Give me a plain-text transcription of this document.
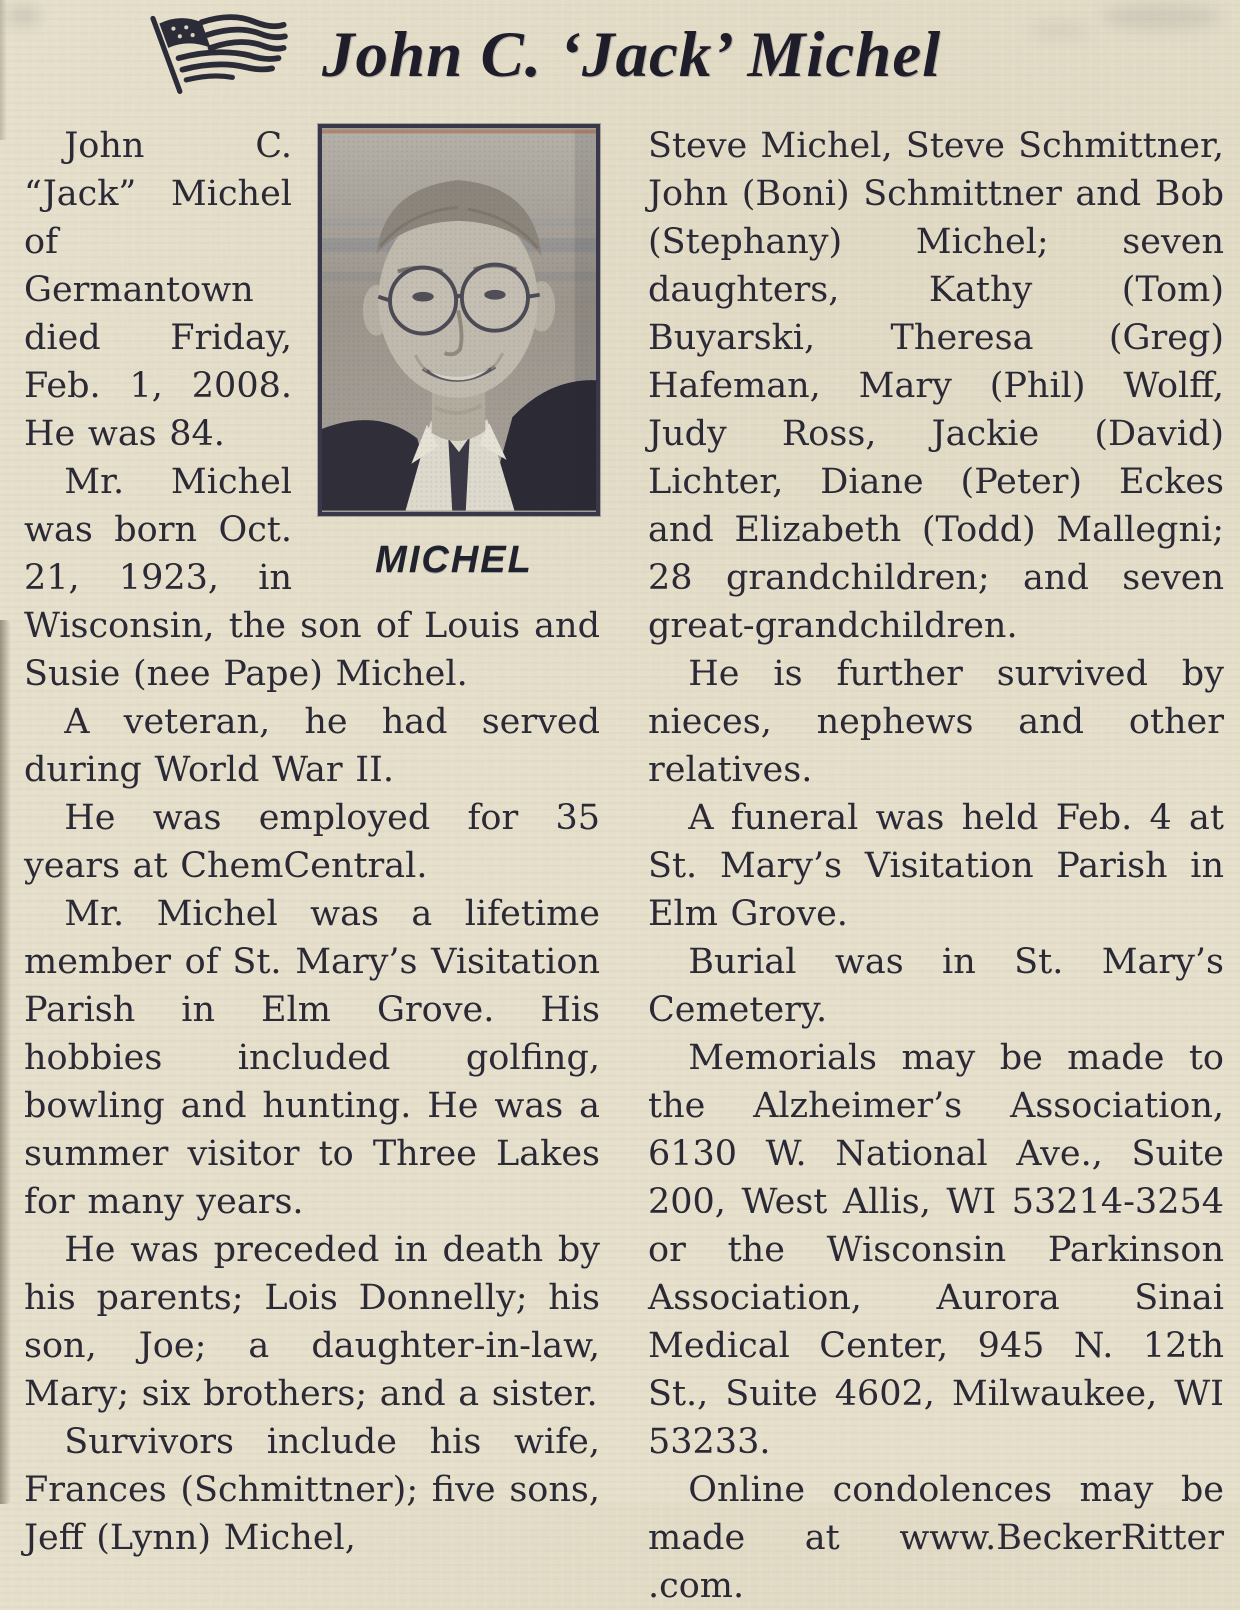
John C. ‘Jack’ Michel
MICHEL

John C. “Jack” Michel of Germantown died Friday, Feb. 1, 2008. He was 84.

Mr. Michel was born Oct. 21, 1923, in Wisconsin, the son of Louis and Susie (nee Pape) Michel.

A veteran, he had served during World War II.

He was employed for 35 years at ChemCentral.

Mr. Michel was a lifetime member of St. Mary’s Visitation Parish in Elm Grove. His hobbies included golfing, bowling and hunting. He was a summer visitor to Three Lakes for many years.

He was preceded in death by his parents; Lois Donnelly; his son, Joe; a daughter-in-law, Mary; six brothers; and a sister.

Survivors include his wife, Frances (Schmittner); five sons, Jeff (Lynn) Michel,

Steve Michel, Steve Schmittner, John (Boni) Schmittner and Bob (Stephany) Michel; seven daughters, Kathy (Tom) Buyarski, Theresa (Greg) Hafeman, Mary (Phil) Wolff, Judy Ross, Jackie (David) Lichter, Diane (Peter) Eckes and Elizabeth (Todd) Mallegni; 28 grandchildren; and seven great-grandchildren.

He is further survived by nieces, nephews and other relatives.

A funeral was held Feb. 4 at St. Mary’s Visitation Parish in Elm Grove.

Burial was in St. Mary’s Cemetery.

Memorials may be made to the Alzheimer’s Association, 6130 W. National Ave., Suite 200, West Allis, WI 53214-3254 or the Wisconsin Parkinson Association, Aurora Sinai Medical Center, 945 N. 12th St., Suite 4602, Milwaukee, WI 53233.

Online condolences may be made at www.BeckerRitter .com.
